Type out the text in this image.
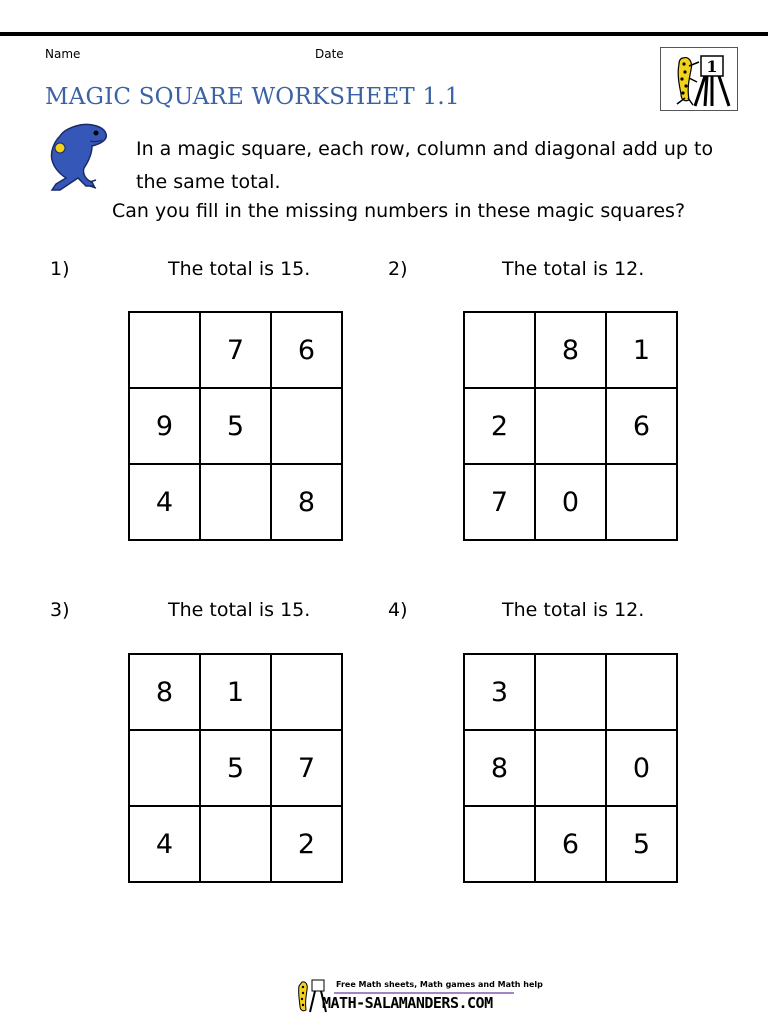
Name	Date
MAGIC SQUARE WORKSHEET 1.1
1
In a magic square, each row, column and diagonal add up to the same total.
Can you fill in the missing numbers in these magic squares?
1)	The total is 15.
	7	6
9	5	
4		8
2)	The total is 12.
	8	1
2		6
7	0	
3)	The total is 15.
8	1	
	5	7
4		2
4)	The total is 12.
3		
8		0
	6	5
Free Math sheets, Math games and Math help
MATH-SALAMANDERS.COM
